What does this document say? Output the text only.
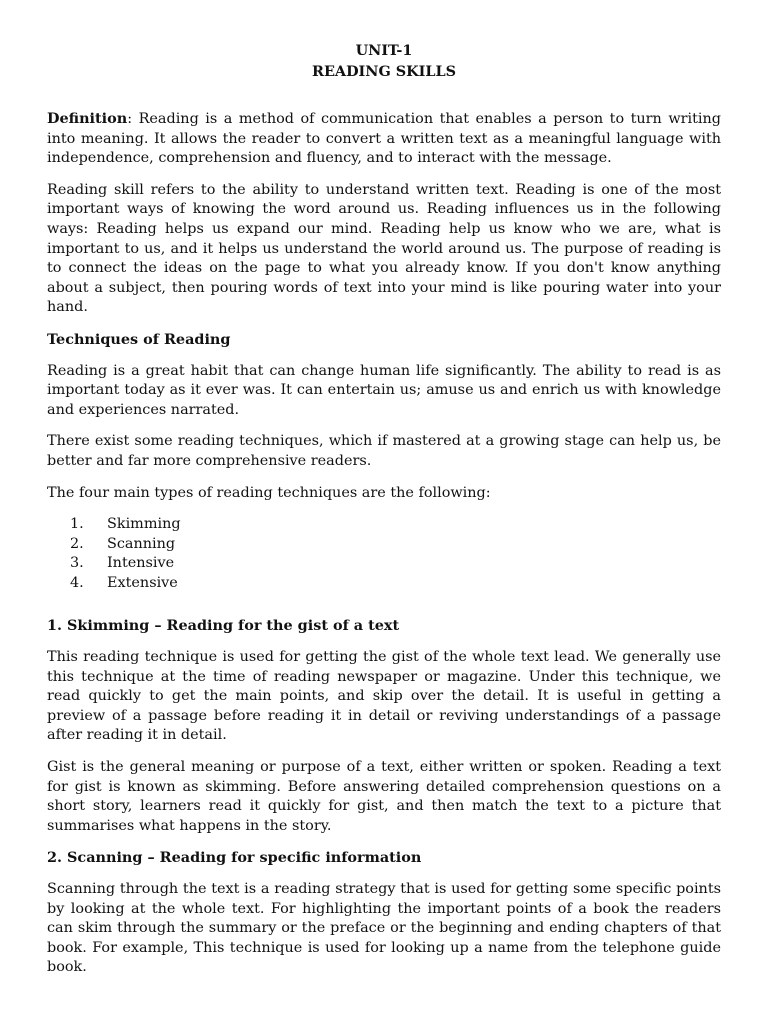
UNIT-1
READING SKILLS

Definition: Reading is a method of communication that enables a person to turn writing into meaning. It allows the reader to convert a written text as a meaningful language with independence, comprehension and fluency, and to interact with the message.

Reading skill refers to the ability to understand written text. Reading is one of the most important ways of knowing the word around us. Reading influences us in the following ways: Reading helps us expand our mind. Reading help us know who we are, what is important to us, and it helps us understand the world around us. The purpose of reading is to connect the ideas on the page to what you already know. If you don't know anything about a subject, then pouring words of text into your mind is like pouring water into your hand.

Techniques of Reading

Reading is a great habit that can change human life significantly. The ability to read is as important today as it ever was. It can entertain us; amuse us and enrich us with knowledge and experiences narrated.

There exist some reading techniques, which if mastered at a growing stage can help us, be better and far more comprehensive readers.

The four main types of reading techniques are the following:

1.	Skimming
2.	Scanning
3.	Intensive
4.	Extensive

1. Skimming – Reading for the gist of a text

This reading technique is used for getting the gist of the whole text lead. We generally use this technique at the time of reading newspaper or magazine. Under this technique, we read quickly to get the main points, and skip over the detail. It is useful in getting a preview of a passage before reading it in detail or reviving understandings of a passage after reading it in detail.

Gist is the general meaning or purpose of a text, either written or spoken. Reading a text for gist is known as skimming. Before answering detailed comprehension questions on a short story, learners read it quickly for gist, and then match the text to a picture that summarises what happens in the story.

2. Scanning – Reading for specific information

Scanning through the text is a reading strategy that is used for getting some specific points by looking at the whole text. For highlighting the important points of a book the readers can skim through the summary or the preface or the beginning and ending chapters of that book. For example, This technique is used for looking up a name from the telephone guide book.
